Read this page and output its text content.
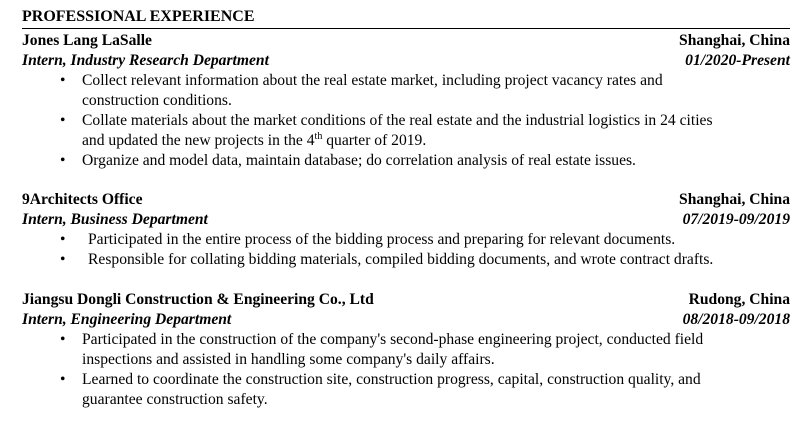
PROFESSIONAL EXPERIENCE
Jones Lang LaSalle	Shanghai, China
Intern, Industry Research Department	01/2020-Present
•	Collect relevant information about the real estate market, including project vacancy rates and
construction conditions.
•	Collate materials about the market conditions of the real estate and the industrial logistics in 24 cities
and updated the new projects in the 4th quarter of 2019.
•	Organize and model data, maintain database; do correlation analysis of real estate issues.
9Architects Office	Shanghai, China
Intern, Business Department	07/2019-09/2019
•	Participated in the entire process of the bidding process and preparing for relevant documents.
•	Responsible for collating bidding materials, compiled bidding documents, and wrote contract drafts.
Jiangsu Dongli Construction & Engineering Co., Ltd	Rudong, China
Intern, Engineering Department	08/2018-09/2018
•	Participated in the construction of the company's second-phase engineering project, conducted field
inspections and assisted in handling some company's daily affairs.
•	Learned to coordinate the construction site, construction progress, capital, construction quality, and
guarantee construction safety.
